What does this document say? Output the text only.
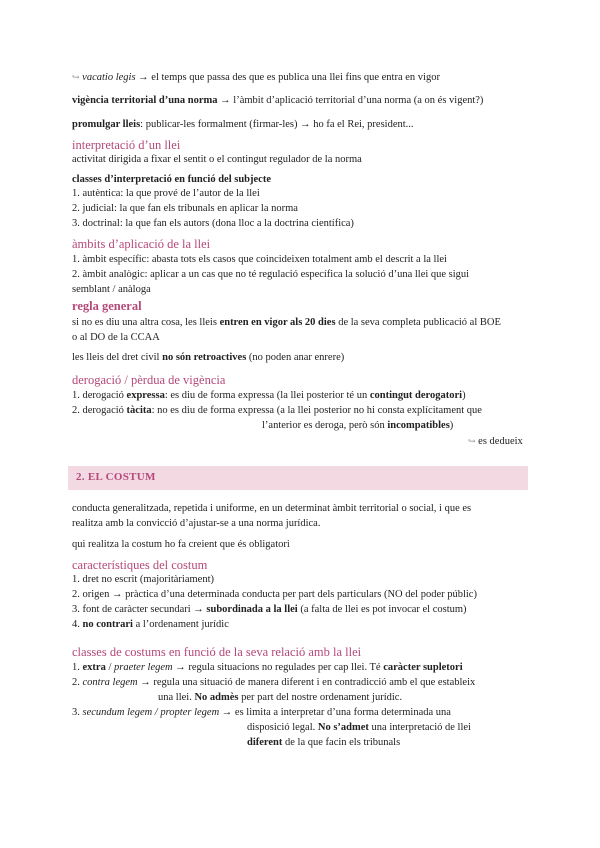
↪ vacatio legis → el temps que passa des que es publica una llei fins que entra en vigor
vigència territorial d’una norma → l’àmbit d’aplicació territorial d’una norma (a on és vigent?)
promulgar lleis: publicar-les formalment (firmar-les) → ho fa el Rei, president...
interpretació d’un llei
activitat dirigida a fixar el sentit o el contingut regulador de la norma
classes d’interpretació en funció del subjecte
1. autèntica: la que prové de l’autor de la llei
2. judicial: la que fan els tribunals en aplicar la norma
3. doctrinal: la que fan els autors (dona lloc a la doctrina científica)
àmbits d’aplicació de la llei
1. àmbit específic: abasta tots els casos que coincideixen totalment amb el descrit a la llei
2. àmbit analògic: aplicar a un cas que no té regulació específica la solució d’una llei que sigui
semblant / anàloga
regla general
si no es diu una altra cosa, les lleis entren en vigor als 20 dies de la seva completa publicació al BOE
o al DO de la CCAA
les lleis del dret civil no són retroactives (no poden anar enrere)
derogació / pèrdua de vigència
1. derogació expressa: es diu de forma expressa (la llei posterior té un contingut derogatori)
2. derogació tàcita: no es diu de forma expressa (a la llei posterior no hi consta explícitament que
l’anterior es deroga, però són incompatibles)
↪ es dedueix
2. EL COSTUM
conducta generalitzada, repetida i uniforme, en un determinat àmbit territorial o social, i que es
realitza amb la convicció d’ajustar-se a una norma jurídica.
qui realitza la costum ho fa creient que és obligatori
característiques del costum
1. dret no escrit (majoritàriament)
2. origen → pràctica d’una determinada conducta per part dels particulars (NO del poder públic)
3. font de caràcter secundari → subordinada a la llei (a falta de llei es pot invocar el costum)
4. no contrari a l’ordenament jurídic
classes de costums en funció de la seva relació amb la llei
1. extra / praeter legem → regula situacions no regulades per cap llei. Té caràcter supletori
2. contra legem → regula una situació de manera diferent i en contradicció amb el que estableix
una llei. No admès per part del nostre ordenament jurídic.
3. secundum legem / propter legem → es limita a interpretar d’una forma determinada una
disposició legal. No s’admet una interpretació de llei
diferent de la que facin els tribunals
